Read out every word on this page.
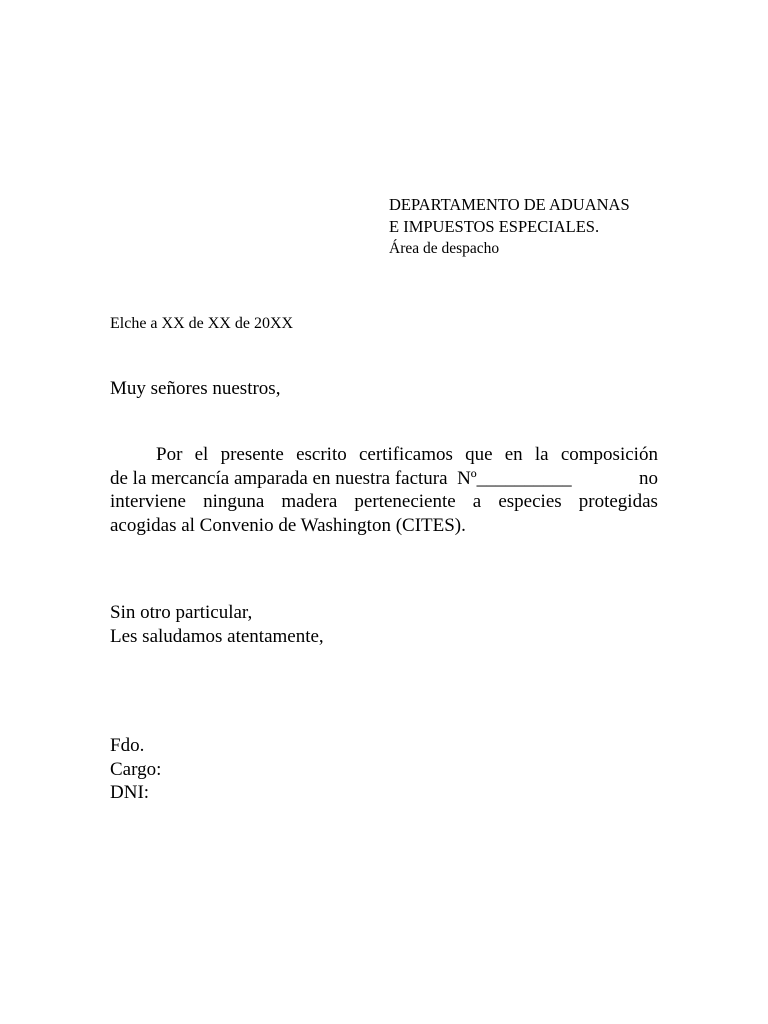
DEPARTAMENTO DE ADUANAS
E IMPUESTOS ESPECIALES.
Área de despacho
Elche a XX de XX de 20XX
Muy señores nuestros,
Por el presente escrito certificamos que en la composición
de la mercancía amparada en nuestra factura  Nº__________	no
interviene ninguna madera perteneciente a especies protegidas
acogidas al Convenio de Washington (CITES).
Sin otro particular,
Les saludamos atentamente,
Fdo.
Cargo:
DNI:
